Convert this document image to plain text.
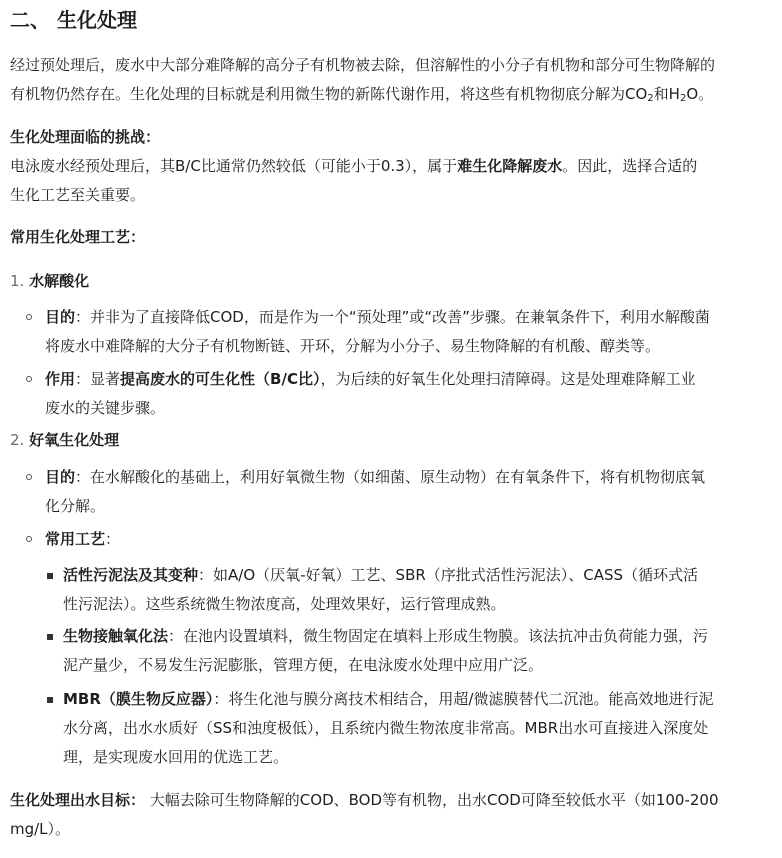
二、 生化处理
经过预处理后，废水中大部分难降解的高分子有机物被去除，但溶解性的小分子有机物和部分可生物降解的
有机物仍然存在。生化处理的目标就是利用微生物的新陈代谢作用，将这些有机物彻底分解为$CO_2$和$H_2O$。
生化处理面临的挑战：
电泳废水经预处理后，其B/C比通常仍然较低（可能小于0.3），属于难生化降解废水。因此，选择合适的
生化工艺至关重要。
常用生化处理工艺：
1. 水解酸化
目的：并非为了直接降低COD，而是作为一个“预处理”或“改善”步骤。在兼氧条件下，利用水解酸菌
将废水中难降解的大分子有机物断链、开环，分解为小分子、易生物降解的有机酸、醇类等。
作用：显著提高废水的可生化性（B/C比），为后续的好氧生化处理扫清障碍。这是处理难降解工业
废水的关键步骤。
2. 好氧生化处理
目的：在水解酸化的基础上，利用好氧微生物（如细菌、原生动物）在有氧条件下，将有机物彻底氧
化分解。
常用工艺：
活性污泥法及其变种：如A/O（厌氧-好氧）工艺、SBR（序批式活性污泥法）、CASS（循环式活
性污泥法）。这些系统微生物浓度高，处理效果好，运行管理成熟。
生物接触氧化法：在池内设置填料，微生物固定在填料上形成生物膜。该法抗冲击负荷能力强，污
泥产量少，不易发生污泥膨胀，管理方便，在电泳废水处理中应用广泛。
MBR（膜生物反应器）：将生化池与膜分离技术相结合，用超/微滤膜替代二沉池。能高效地进行泥
水分离，出水水质好（SS和浊度极低），且系统内微生物浓度非常高。MBR出水可直接进入深度处
理，是实现废水回用的优选工艺。
生化处理出水目标： 大幅去除可生物降解的COD、BOD等有机物，出水COD可降至较低水平（如100-200
mg/L）。
